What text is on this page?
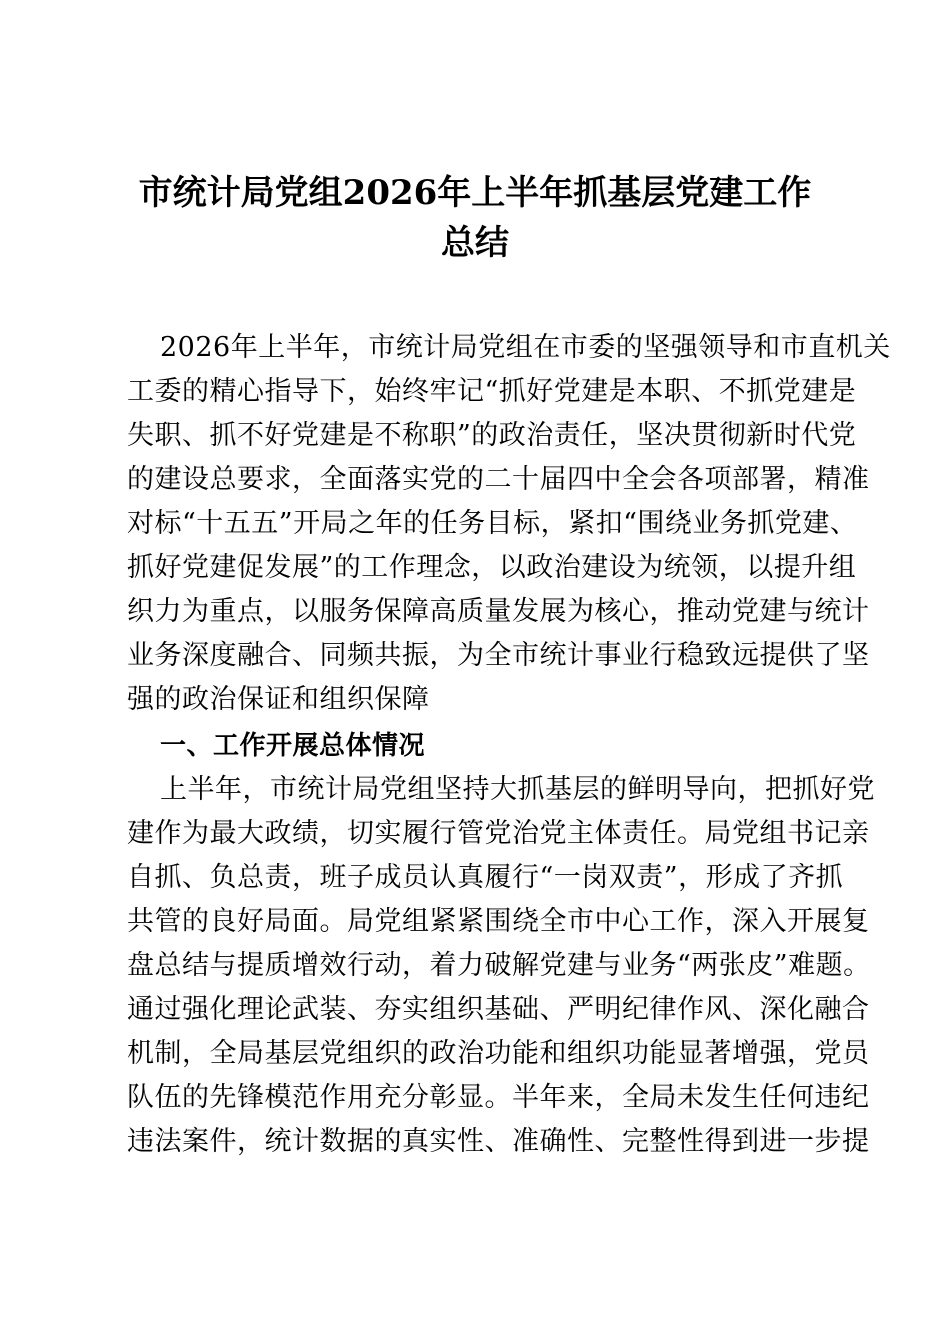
市统计局党组2026年上半年抓基层党建工作
总结
2026年上半年，市统计局党组在市委的坚强领导和市直机关
工委的精心指导下，始终牢记“抓好党建是本职、不抓党建是
失职、抓不好党建是不称职”的政治责任，坚决贯彻新时代党
的建设总要求，全面落实党的二十届四中全会各项部署，精准
对标“十五五”开局之年的任务目标，紧扣“围绕业务抓党建、
抓好党建促发展”的工作理念，以政治建设为统领，以提升组
织力为重点，以服务保障高质量发展为核心，推动党建与统计
业务深度融合、同频共振，为全市统计事业行稳致远提供了坚
强的政治保证和组织保障
一、工作开展总体情况
上半年，市统计局党组坚持大抓基层的鲜明导向，把抓好党
建作为最大政绩，切实履行管党治党主体责任。局党组书记亲
自抓、负总责，班子成员认真履行“一岗双责”，形成了齐抓
共管的良好局面。局党组紧紧围绕全市中心工作，深入开展复
盘总结与提质增效行动，着力破解党建与业务“两张皮”难题。
通过强化理论武装、夯实组织基础、严明纪律作风、深化融合
机制，全局基层党组织的政治功能和组织功能显著增强，党员
队伍的先锋模范作用充分彰显。半年来，全局未发生任何违纪
违法案件，统计数据的真实性、准确性、完整性得到进一步提
